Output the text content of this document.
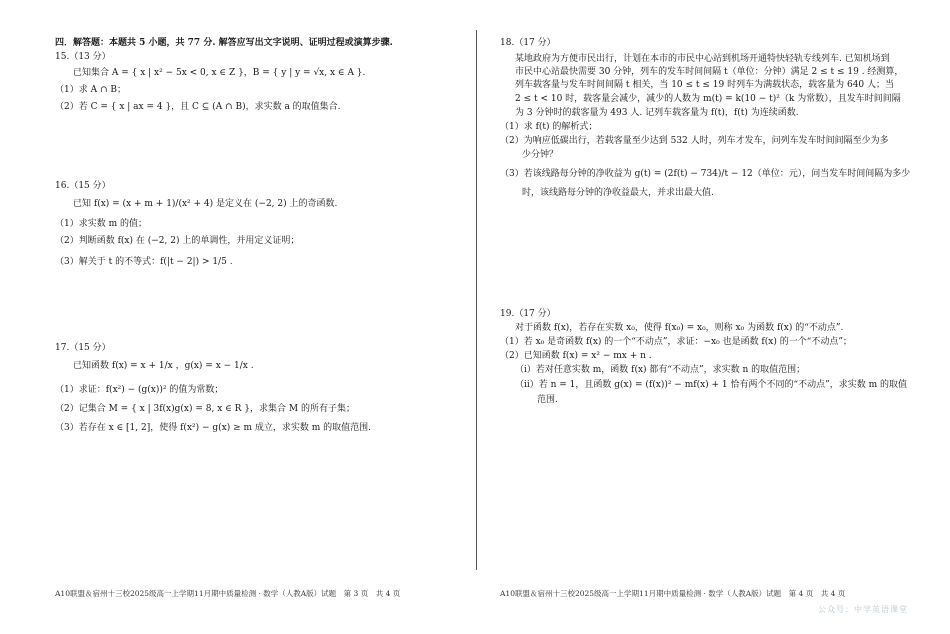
四．解答题：本题共 5 小题，共 77 分. 解答应写出文字说明、证明过程或演算步骤.
15.（13 分）
已知集合 A = { x | x² − 5x < 0, x ∈ Z }，B = { y | y = √x, x ∈ A }.
（1）求 A ∩ B；
（2）若 C = { x | ax = 4 }，且 C ⊆ (A ∩ B)，求实数 a 的取值集合.
16.（15 分）
已知 f(x) = (x + m + 1)/(x² + 4) 是定义在 (−2, 2) 上的奇函数.
（1）求实数 m 的值；
（2）判断函数 f(x) 在 (−2, 2) 上的单调性，并用定义证明；
（3）解关于 t 的不等式：f(|t − 2|) > 1/5 .
17.（15 分）
已知函数 f(x) = x + 1/x ，g(x) = x − 1/x .
（1）求证：f(x²) − (g(x))² 的值为常数；
（2）记集合 M = { x | 3f(x)g(x) = 8, x ∈ R }，求集合 M 的所有子集；
（3）若存在 x ∈ [1, 2]，使得 f(x²) − g(x) ≥ m 成立，求实数 m 的取值范围.
A10联盟＆宿州十三校2025级高一上学期11月期中质量检测 · 数学（人教A版）试题　第 3 页　共 4 页
18.（17 分）
某地政府为方便市民出行，计划在本市的市民中心站到机场开通特快轻轨专线列车. 已知机场到
市民中心站最快需要 30 分钟，列车的发车时间间隔 t（单位：分钟）满足 2 ≤ t ≤ 19 . 经测算，
列车载客量与发车时间间隔 t 相关，当 10 ≤ t ≤ 19 时列车为满载状态，载客量为 640 人；当
2 ≤ t < 10 时，载客量会减少，减少的人数为 m(t) = k(10 − t)²（k 为常数），且发车时间间隔
为 3 分钟时的载客量为 493 人. 记列车载客量为 f(t)，f(t) 为连续函数.
（1）求 f(t) 的解析式；
（2）为响应低碳出行，若载客量至少达到 532 人时，列车才发车，问列车发车时间间隔至少为多
少分钟？
（3）若该线路每分钟的净收益为 g(t) = (2f(t) − 734)/t − 12（单位：元），问当发车时间间隔为多少
时，该线路每分钟的净收益最大，并求出最大值.
19.（17 分）
对于函数 f(x)，若存在实数 x₀，使得 f(x₀) = x₀，则称 x₀ 为函数 f(x) 的“不动点”.
（1）若 x₀ 是奇函数 f(x) 的一个“不动点”，求证：−x₀ 也是函数 f(x) 的一个“不动点”；
（2）已知函数 f(x) = x² − mx + n .
（i）若对任意实数 m，函数 f(x) 都有“不动点”，求实数 n 的取值范围；
（ii）若 n = 1，且函数 g(x) = (f(x))² − mf(x) + 1 恰有两个不同的“不动点”，求实数 m 的取值
范围.
A10联盟＆宿州十三校2025级高一上学期11月期中质量检测 · 数学（人教A版）试题　第 4 页　共 4 页
公众号：中学英语课堂
